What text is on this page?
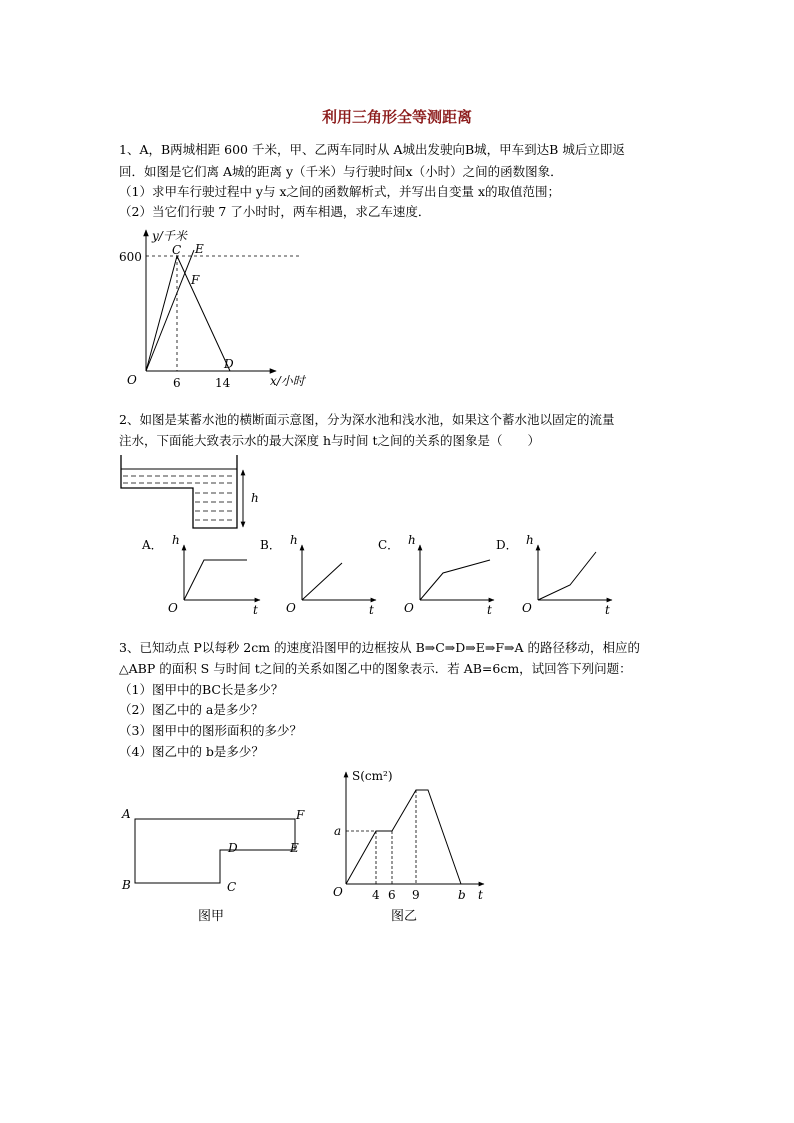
利用三角形全等测距离
1、A，B两城相距 600 千米，甲、乙两车同时从 A城出发驶向B城，甲车到达B 城后立即返
回．如图是它们离 A城的距离 y（千米）与行驶时间x（小时）之间的函数图象．
（1）求甲车行驶过程中 y与 x之间的函数解析式，并写出自变量 x的取值范围；
（2）当它们行驶 7 了小时时，两车相遇，求乙车速度．
y/千米
600
O	6	14	x/小时
C E
F
D
2、如图是某蓄水池的横断面示意图，分为深水池和浅水池，如果这个蓄水池以固定的流量
注水，下面能大致表示水的最大深度 h与时间 t之间的关系的图象是（　　）
h
A． h
O	t
B． h
O	t
C． h
O	t
D． h
O	t
3、已知动点 P以每秒 2cm 的速度沿图甲的边框按从 B⇒C⇒D⇒E⇒F⇒A 的路径移动，相应的
△ABP 的面积 S 与时间 t之间的关系如图乙中的图象表示．若 AB=6cm，试回答下列问题：
（1）图甲中的BC长是多少？
（2）图乙中的 a是多少？
（3）图甲中的图形面积的多少？
（4）图乙中的 b是多少？
A
B	C
D	E
F
图甲
S(cm²)
a
O 4 6 9	b t
图乙
